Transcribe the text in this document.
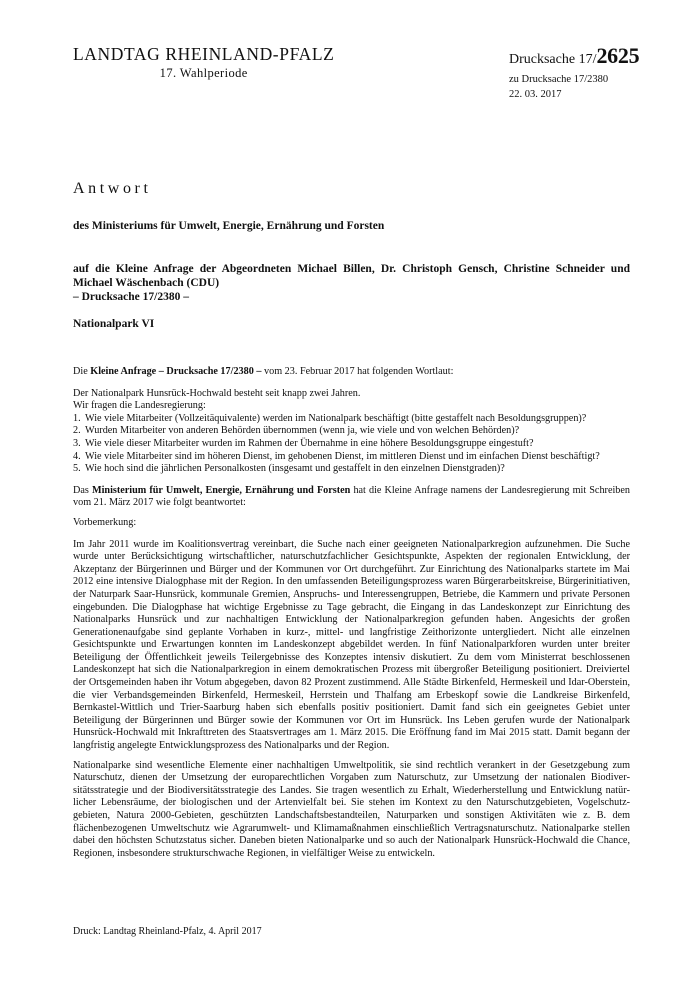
LANDTAG RHEINLAND-PFALZ
17. Wahlperiode
Drucksache 17/2625
zu Drucksache 17/2380
22. 03. 2017
Antwort
des Ministeriums für Umwelt, Energie, Ernährung und Forsten
auf die Kleine Anfrage der Abgeordneten Michael Billen, Dr. Christoph Gensch, Christine Schneider und
Michael Wäschenbach (CDU)
– Drucksache 17/2380 –
Nationalpark VI

Die Kleine Anfrage – Drucksache 17/2380 – vom 23. Februar 2017 hat folgenden Wortlaut:

Der Nationalpark Hunsrück-Hochwald besteht seit knapp zwei Jahren.

Wir fragen die Landesregierung:

1. Wie viele Mitarbeiter (Vollzeitäquivalente) werden im Nationalpark beschäftigt (bitte gestaffelt nach Besoldungsgruppen)?
2. Wurden Mitarbeiter von anderen Behörden übernommen (wenn ja, wie viele und von welchen Behörden)?
3. Wie viele dieser Mitarbeiter wurden im Rahmen der Übernahme in eine höhere Besoldungsgruppe eingestuft?
4. Wie viele Mitarbeiter sind im höheren Dienst, im gehobenen Dienst, im mittleren Dienst und im einfachen Dienst beschäftigt?
5. Wie hoch sind die jährlichen Personalkosten (insgesamt und gestaffelt in den einzelnen Dienstgraden)?

Das Ministerium für Umwelt, Energie, Ernährung und Forsten hat die Kleine Anfrage namens der Landesregierung mit Schreiben vom 21. März 2017 wie folgt beantwortet:

Vorbemerkung:

Im Jahr 2011 wurde im Koalitionsvertrag vereinbart, die Suche nach einer geeigneten Nationalparkregion aufzunehmen. Die Suche wurde unter Berücksichtigung wirtschaftlicher, naturschutzfachlicher Gesichtspunkte, Aspekten der regionalen Entwicklung, der Akzeptanz der Bürgerinnen und Bürger und der Kommunen vor Ort durchgeführt. Zur Einrichtung des Nationalparks startete im Mai 2012 eine intensive Dialogphase mit der Region. In den umfassenden Beteiligungsprozess waren Bürgerarbeitskreise, Bürgerinitiativen, der Naturpark Saar-Hunsrück, kommunale Gremien, Anspruchs- und Interessengruppen, Betriebe, die Kammern und private Personen eingebunden. Die Dialogphase hat wichtige Ergebnisse zu Tage gebracht, die Eingang in das Landeskonzept zur Einrichtung des Nationalparks Hunsrück und zur nachhaltigen Entwicklung der Nationalparkregion gefunden haben. Angesichts der großen Generationenaufgabe sind geplante Vorhaben in kurz-, mittel- und langfristige Zeithorizonte untergliedert. Nicht alle einzelnen Gesichtspunkte und Erwartungen konnten im Landeskonzept abgebildet werden. In fünf Nationalparkforen wurden unter breiter Beteiligung der Öffentlichkeit jeweils Teilergebnisse des Konzeptes intensiv diskutiert. Zu dem vom Ministerrat beschlossenen Landeskonzept hat sich die Nationalparkregion in einem demokratischen Prozess mit übergroßer Beteiligung positioniert. Dreiviertel der Ortsgemeinden haben ihr Votum abgegeben, davon 82 Prozent zustimmend. Alle Städte Birkenfeld, Hermeskeil und Idar-Oberstein, die vier Verbandsgemeinden Birkenfeld, Hermeskeil, Herrstein und Thalfang am Erbeskopf sowie die Landkreise Birkenfeld, Bernkastel-Wittlich und Trier-Saarburg haben sich ebenfalls positiv positioniert. Damit fand sich ein geeignetes Gebiet unter Beteiligung der Bürgerinnen und Bürger sowie der Kommunen vor Ort im Hunsrück. Ins Leben gerufen wurde der Nationalpark Hunsrück-Hochwald mit Inkrafttreten des Staatsvertrages am 1. März 2015. Die Eröffnung fand im Mai 2015 statt. Damit begann der langfristig angelegte Entwicklungsprozess des Nationalparks und der Region.

Nationalparke sind wesentliche Elemente einer nachhaltigen Umweltpolitik, sie sind rechtlich verankert in der Gesetzgebung zum Naturschutz, dienen der Umsetzung der europarechtlichen Vorgaben zum Naturschutz, zur Umsetzung der nationalen Biodiversitätsstrategie und der Biodiversitätsstrategie des Landes. Sie tragen wesentlich zu Erhalt, Wiederherstellung und Entwicklung natürlicher Lebensräume, der biologischen und der Artenvielfalt bei. Sie stehen im Kontext zu den Naturschutzgebieten, Vogelschutzgebieten, Natura 2000-Gebieten, geschützten Landschaftsbestandteilen, Naturparken und sonstigen Aktivitäten wie z. B. dem flächenbezogenen Umweltschutz wie Agrarumwelt- und Klimamaßnahmen einschließlich Vertragsnaturschutz. Nationalparke stellen dabei den höchsten Schutzstatus sicher. Daneben bieten Nationalparke und so auch der Nationalpark Hunsrück-Hochwald die Chance, Regionen, insbesondere strukturschwache Regionen, in vielfältiger Weise zu entwickeln.

Druck: Landtag Rheinland-Pfalz, 4. April 2017
